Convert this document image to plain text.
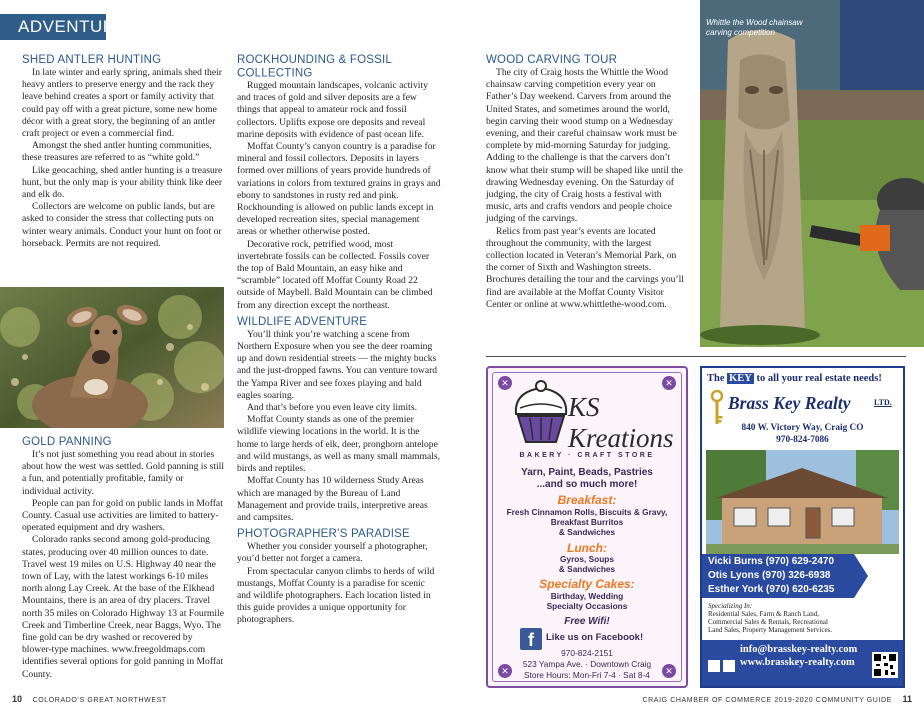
ADVENTURE
SHED ANTLER HUNTING

In late winter and early spring, animals shed their heavy antlers to preserve energy and the rack they leave behind creates a sport or family activity that could pay off with a great picture, some new home décor with a great story, the beginning of an antler craft project or even a commercial find.

Amongst the shed antler hunting communities, these treasures are referred to as “white gold.”

Like geocaching, shed antler hunting is a treasure hunt, but the only map is your ability think like deer and elk do.

Collectors are welcome on public lands, but are asked to consider the stress that collecting puts on winter weary animals. Conduct your hunt on foot or horseback. Permits are not required.

GOLD PANNING

It’s not just something you read about in stories about how the west was settled. Gold panning is still a fun, and potentially profitable, family or individual activity.

People can pan for gold on public lands in Moffat County. Casual use activities are limited to battery-operated equipment and dry washers.

Colorado ranks second among gold-producing states, producing over 40 million ounces to date. Travel west 19 miles on U.S. Highway 40 near the town of Lay, with the latest workings 6-10 miles north along Lay Creek. At the base of the Elkhead Mountains, there is an area of dry placers. Travel north 35 miles on Colorado Highway 13 at Fourmile Creek and Timberline Creek, near Baggs, Wyo. The fine gold can be dry washed or recovered by blower-type machines. www.freegoldmaps.com identifies several options for gold panning in Moffat County.

ROCKHOUNDING & FOSSIL COLLECTING

Rugged mountain landscapes, volcanic activity and traces of gold and silver deposits are a few things that appeal to amateur rock and fossil collectors. Uplifts expose ore deposits and reveal marine deposits with evidence of past ocean life.

Moffat County’s canyon country is a paradise for mineral and fossil collectors. Deposits in layers formed over millions of years provide hundreds of variations in colors from textured grains in grays and ebony to sandstones in rusty red and pink. Rockhounding is allowed on public lands except in developed recreation sites, special management areas or whether otherwise posted.

Decorative rock, petrified wood, most invertebrate fossils can be collected. Fossils cover the top of Bald Mountain, an easy hike and “scramble” located off Moffat County Road 22 outside of Maybell. Bald Mountain can be climbed from any direction except the northeast.

WILDLIFE ADVENTURE

You’ll think you’re watching a scene from Northern Exposure when you see the deer roaming up and down residential streets — the mighty bucks and the just-dropped fawns. You can venture toward the Yampa River and see foxes playing and bald eagles soaring.

And that’s before you even leave city limits.

Moffat County stands as one of the premier wildlife viewing locations in the world. It is the home to large herds of elk, deer, pronghorn antelope and wild mustangs, as well as many small mammals, birds and reptiles.

Moffat County has 10 wilderness Study Areas which are managed by the Bureau of Land Management and provide trails, interpretive areas and campsites.

PHOTOGRAPHER’S PARADISE

Whether you consider yourself a photographer, you’d better not forget a camera.

From spectacular canyon climbs to herds of wild mustangs, Moffat County is a paradise for scenic and wildlife photographers. Each location listed in this guide provides a unique opportunity for photographers.

WOOD CARVING TOUR

The city of Craig hosts the Whittle the Wood chainsaw carving competition every year on Father’s Day weekend. Carvers from around the United States, and sometimes around the world, begin carving their wood stump on a Wednesday evening, and their careful chainsaw work must be complete by mid-morning Saturday for judging. Adding to the challenge is that the carvers don’t know what their stump will be shaped like until the drawing Wednesday evening. On the Saturday of judging, the city of Craig hosts a festival with music, arts and crafts vendors and people choice judging of the carvings.

Relics from past year’s events are located throughout the community, with the largest collection located in Veteran’s Memorial Park, on the corner of Sixth and Washington streets. Brochures detailing the tour and the carvings you’ll find are available at the Moffat County Visitor Center or online at www.whittlethe-wood.com.

Whittle the Wood chainsaw carving competition
✕	✕
✕	✕
KS Kreations
BAKERY · CRAFT STORE
Yarn, Paint, Beads, Pastries
...and so much more!
Breakfast:
Fresh Cinnamon Rolls, Biscuits & Gravy,
Breakfast Burritos
& Sandwiches
Lunch:
Gyros, Soups
& Sandwiches
Specialty Cakes:
Birthday, Wedding
Specialty Occasions
Free Wifi!
f	Like us on Facebook!
970-824-2151
523 Yampa Ave. · Downtown Craig
Store Hours: Mon-Fri 7-4 · Sat 8-4
The KEY to all your real estate needs!
Brass Key Realty	LTD.
840 W. Victory Way, Craig CO
970-824-7086
Vicki Burns (970) 629-2470
Otis Lyons (970) 326-6938
Esther York (970) 620-6235
Specializing In:
Residential Sales, Farm & Ranch Land,
Commercial Sales & Rentals, Recreational
Land Sales, Property Management Services.
info@brasskey-realty.com
www.brasskey-realty.com
10 COLORADO’S GREAT NORTHWEST	CRAIG CHAMBER OF COMMERCE 2019-2020 COMMUNITY GUIDE 11
